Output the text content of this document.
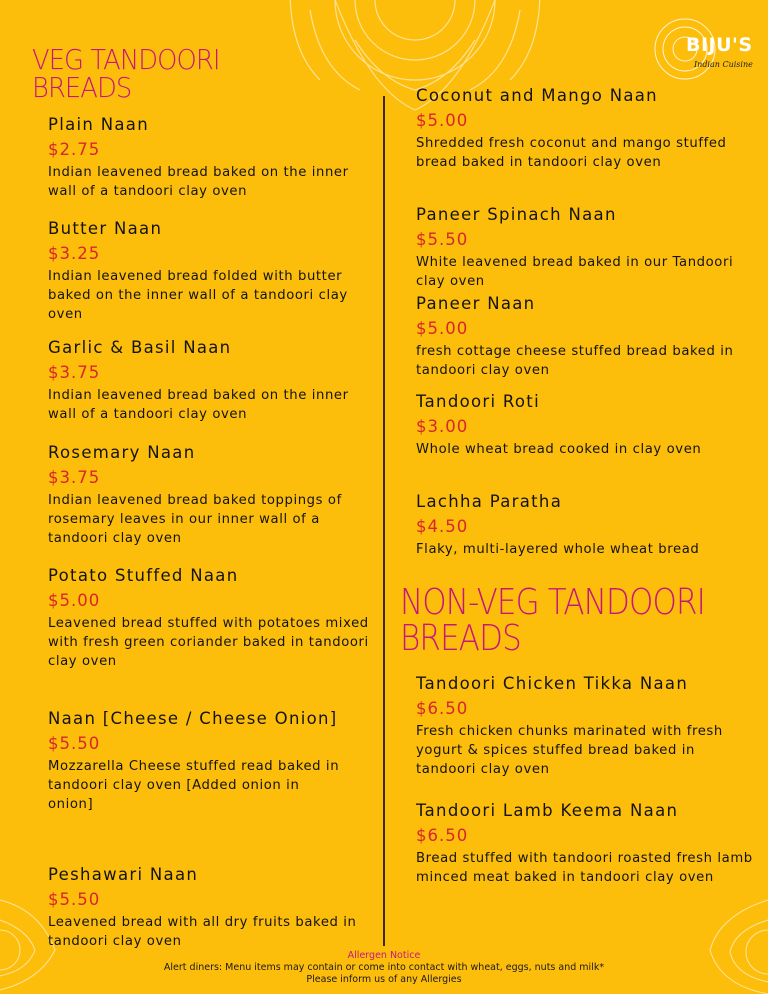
BIJU'S
Indian Cuisine
VEG TANDOORI BREADS
NON-VEG TANDOORI BREADS
Plain Naan
$2.75
Indian leavened bread baked on the inner wall of a tandoori clay oven
Butter Naan
$3.25
Indian leavened bread folded with butter baked on the inner wall of a tandoori clay oven
Garlic & Basil Naan
$3.75
Indian leavened bread baked on the inner wall of a tandoori clay oven
Rosemary Naan
$3.75
Indian leavened bread baked toppings of rosemary leaves in our inner wall of a tandoori clay oven
Potato Stuffed Naan
$5.00
Leavened bread stuffed with potatoes mixed with fresh green coriander baked in tandoori clay oven
Naan [Cheese / Cheese Onion]
$5.50
Mozzarella Cheese stuffed read baked in tandoori clay oven [Added onion in onion]
Peshawari Naan
$5.50
Leavened bread with all dry fruits baked in tandoori clay oven
Coconut and Mango Naan
$5.00
Shredded fresh coconut and mango stuffed bread baked in tandoori clay oven
Paneer Spinach Naan
$5.50
White leavened bread baked in our Tandoori clay oven
Paneer Naan
$5.00
fresh cottage cheese stuffed bread baked in tandoori clay oven
Tandoori Roti
$3.00
Whole wheat bread cooked in clay oven
Lachha Paratha
$4.50
Flaky, multi-layered whole wheat bread
Tandoori Chicken Tikka Naan
$6.50
Fresh chicken chunks marinated with fresh yogurt & spices stuffed bread baked in tandoori clay oven
Tandoori Lamb Keema Naan
$6.50
Bread stuffed with tandoori roasted fresh lamb minced meat baked in tandoori clay oven
Allergen Notice
Alert diners: Menu items may contain or come into contact with wheat, eggs, nuts and milk*
Please inform us of any Allergies
